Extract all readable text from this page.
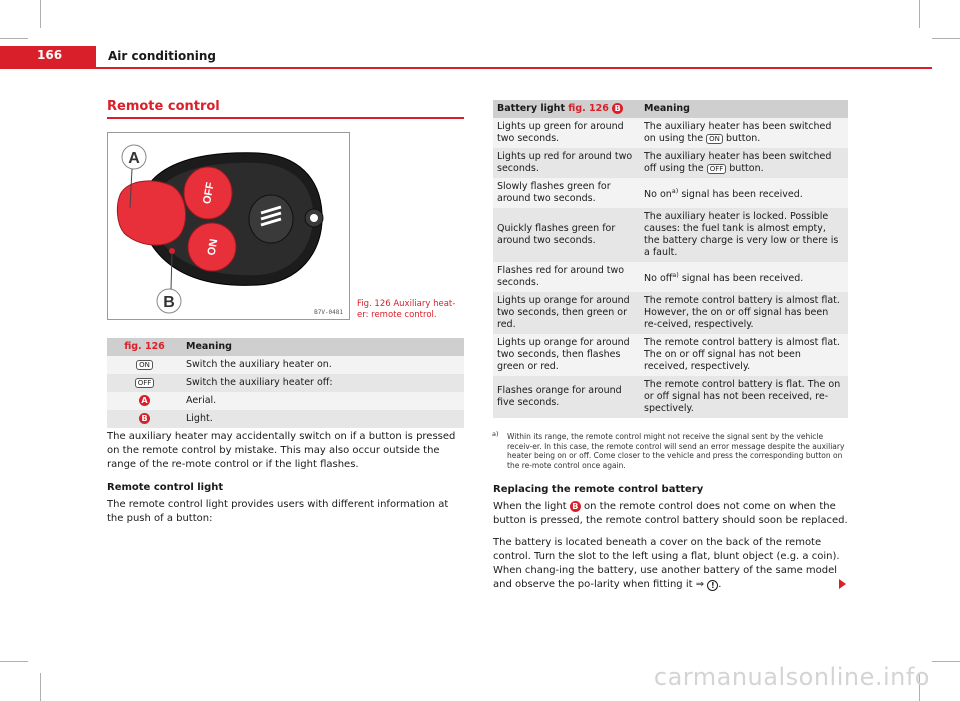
166	Air conditioning
Remote control
OFF
ON
A
B
B7V-0481
Fig. 126 Auxiliary heat-er: remote control.
fig. 126	Meaning
ON	Switch the auxiliary heater on.
OFF	Switch the auxiliary heater off:
A	Aerial.
B	Light.
The auxiliary heater may accidentally switch on if a button is pressed on the remote control by mistake. This may also occur outside the range of the re-mote control or if the light flashes.
Remote control light
The remote control light provides users with different information at the push of a button:
Battery light fig. 126 B	Meaning
Lights up green for around two seconds.	The auxiliary heater has been switched on using the ON button.
Lights up red for around two seconds.	The auxiliary heater has been switched off using the OFF button.
Slowly flashes green for around two seconds.	No $on^{a)}$ signal has been received.
Quickly flashes green for around two seconds.	The auxiliary heater is locked. Possible causes: the fuel tank is almost empty, the battery charge is very low or there is a fault.
Flashes red for around two seconds.	No off$^{a)}$ signal has been received.
Lights up orange for around two seconds, then green or red.	The remote control battery is almost flat. However, the on or off signal has been re-ceived, respectively.
Lights up orange for around two seconds, then flashes green or red.	The remote control battery is almost flat. The on or off signal has not been received, respectively.
Flashes orange for around five seconds.	The remote control battery is flat. The on or off signal has not been received, re-spectively.
a) Within its range, the remote control might not receive the signal sent by the vehicle receiv-er. In this case, the remote control will send an error message despite the auxiliary heater being on or off. Come closer to the vehicle and press the corresponding button on the re-mote control once again.
Replacing the remote control battery
When the light B on the remote control does not come on when the button is pressed, the remote control battery should soon be replaced.
The battery is located beneath a cover on the back of the remote control. Turn the slot to the left using a flat, blunt object (e.g. a coin). When chang-ing the battery, use another battery of the same model and observe the po-larity when fitting it ⇒ ! .
carmanualsonline.info
